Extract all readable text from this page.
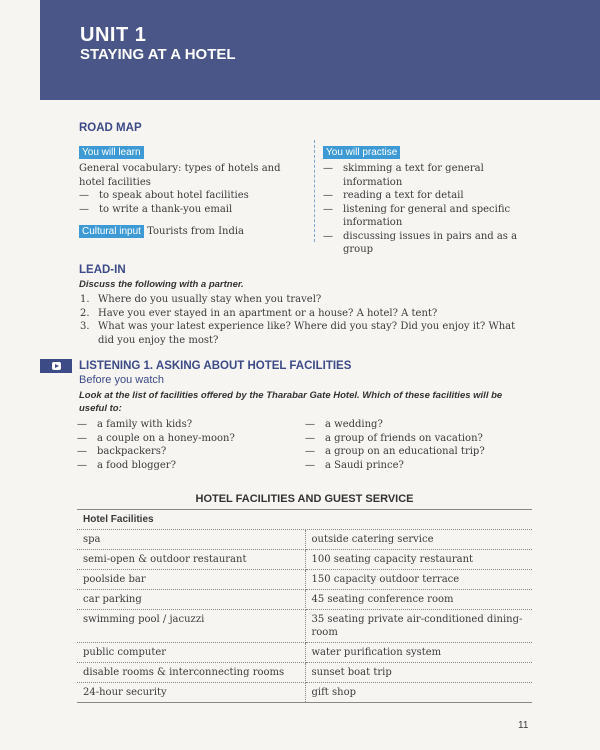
UNIT 1
STAYING AT A HOTEL
ROAD MAP
You will learn
General vocabulary: types of hotels and hotel facilities
— to speak about hotel facilities
— to write a thank-you email
Cultural input Tourists from India
You will practise
— skimming a text for general information
— reading a text for detail
— listening for general and specific information
— discussing issues in pairs and as a group
LEAD-IN
Discuss the following with a partner.
1. Where do you usually stay when you travel?
2. Have you ever stayed in an apartment or a house? A hotel? A tent?
3. What was your latest experience like? Where did you stay? Did you enjoy it? What did you enjoy the most?
LISTENING 1. ASKING ABOUT HOTEL FACILITIES
Before you watch
Look at the list of facilities offered by the Tharabar Gate Hotel. Which of these facilities will be useful to:
— a family with kids?
— a couple on a honey-moon?
— backpackers?
— a food blogger?
— a wedding?
— a group of friends on vacation?
— a group on an educational trip?
— a Saudi prince?
HOTEL FACILITIES AND GUEST SERVICE
Hotel Facilities	
spa	outside catering service
semi-open & outdoor restaurant	100 seating capacity restaurant
poolside bar	150 capacity outdoor terrace
car parking	45 seating conference room
swimming pool / jacuzzi	35 seating private air-conditioned dining-room
public computer	water purification system
disable rooms & interconnecting rooms	sunset boat trip
24-hour security	gift shop
11
